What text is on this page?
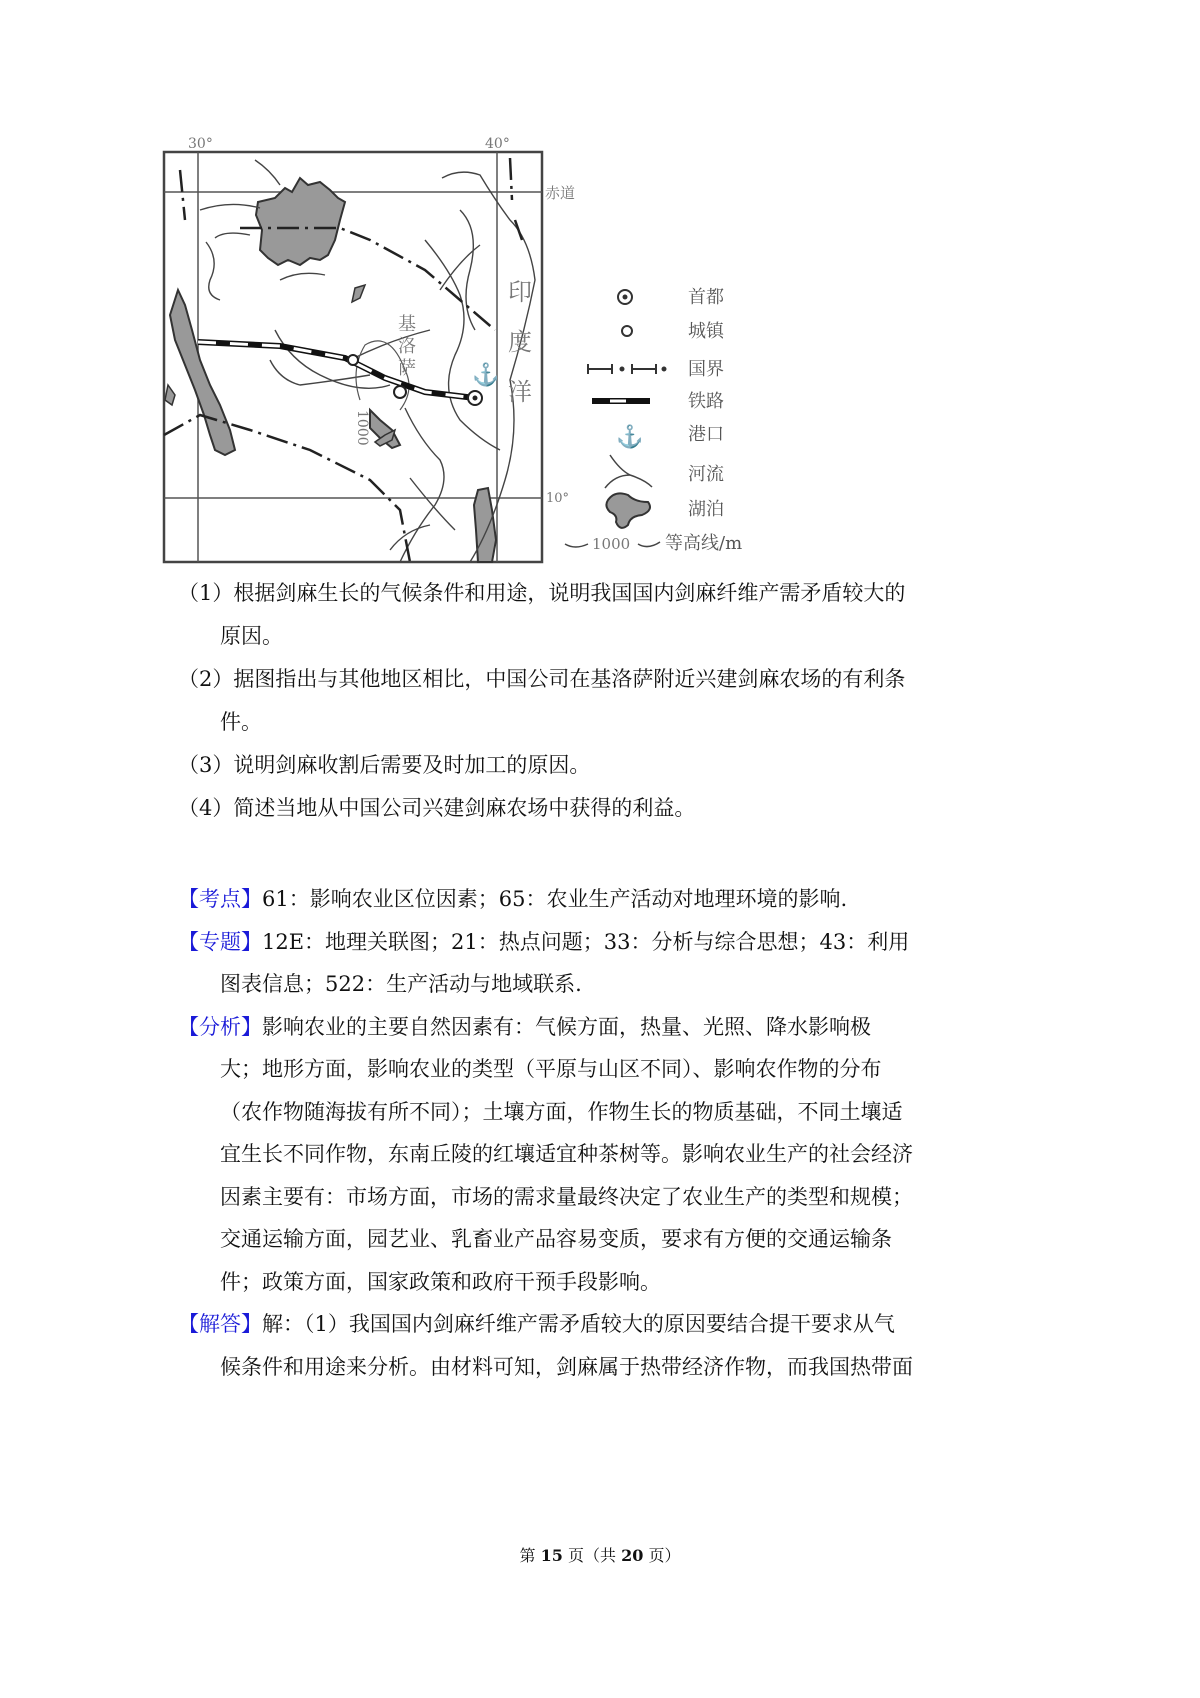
30°	40°
赤道
10°
1000
基
洛
萨	⚓
印
度
洋
首都
城镇
国界
铁路
⚓ 港口
河流
湖泊
1000 等高线/m

（1）根据剑麻生长的气候条件和用途，说明我国国内剑麻纤维产需矛盾较大的

原因。

（2）据图指出与其他地区相比，中国公司在基洛萨附近兴建剑麻农场的有利条

件。

（3）说明剑麻收割后需要及时加工的原因。

（4）简述当地从中国公司兴建剑麻农场中获得的利益。

【考点】61：影响农业区位因素；65：农业生产活动对地理环境的影响.

【专题】12E：地理关联图；21：热点问题；33：分析与综合思想；43：利用

图表信息；522：生产活动与地域联系.

【分析】影响农业的主要自然因素有：气候方面，热量、光照、降水影响极

大；地形方面，影响农业的类型（平原与山区不同）、影响农作物的分布

（农作物随海拔有所不同）；土壤方面，作物生长的物质基础，不同土壤适

宜生长不同作物，东南丘陵的红壤适宜种茶树等。影响农业生产的社会经济

因素主要有：市场方面，市场的需求量最终决定了农业生产的类型和规模；

交通运输方面，园艺业、乳畜业产品容易变质，要求有方便的交通运输条

件；政策方面，国家政策和政府干预手段影响。

【解答】解：（1）我国国内剑麻纤维产需矛盾较大的原因要结合提干要求从气

候条件和用途来分析。由材料可知，剑麻属于热带经济作物，而我国热带面

第 15 页（共 20 页）
